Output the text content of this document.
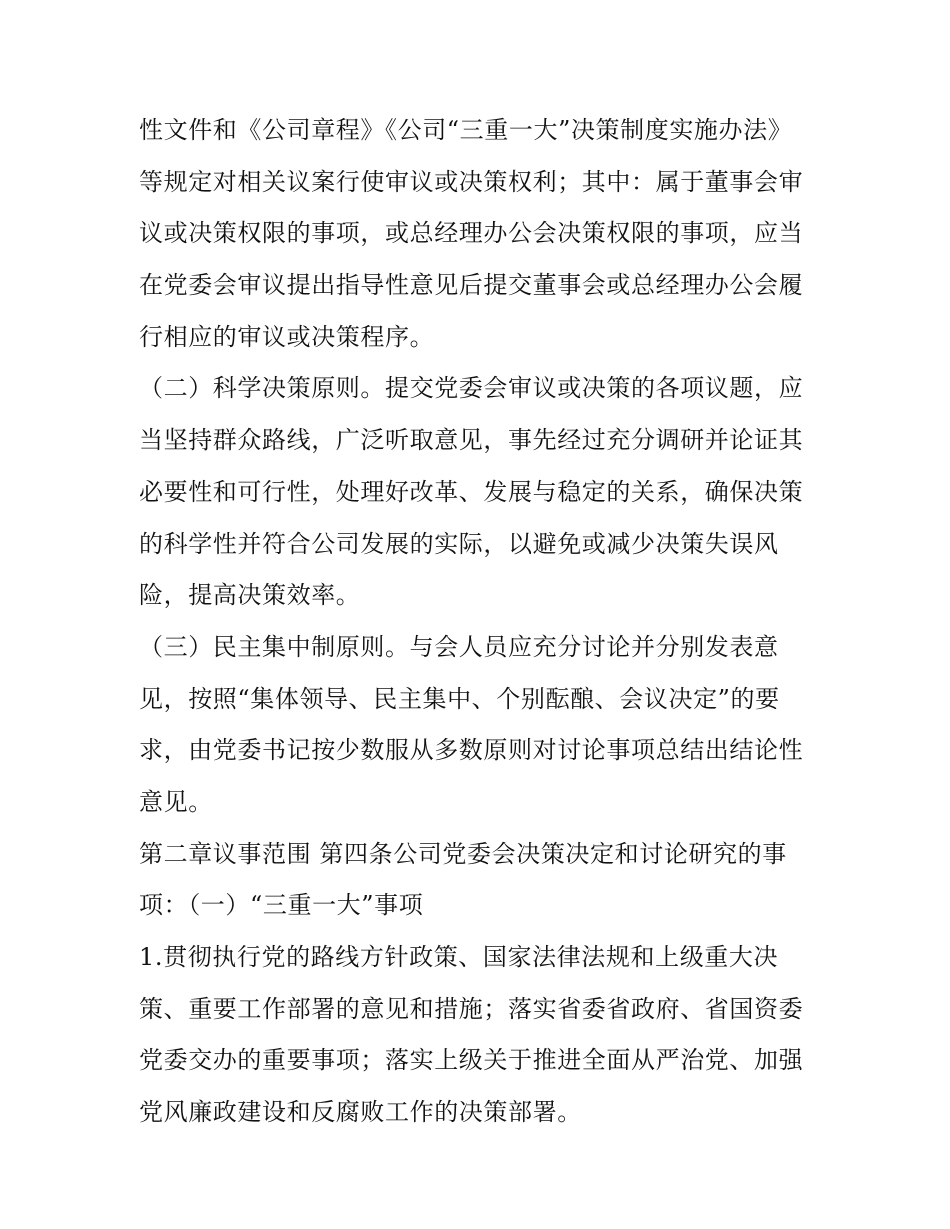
性文件和《公司章程》《公司“三重一大”决策制度实施办法》
等规定对相关议案行使审议或决策权利；其中：属于董事会审
议或决策权限的事项，或总经理办公会决策权限的事项，应当
在党委会审议提出指导性意见后提交董事会或总经理办公会履
行相应的审议或决策程序。
（二）科学决策原则。提交党委会审议或决策的各项议题，应
当坚持群众路线，广泛听取意见，事先经过充分调研并论证其
必要性和可行性，处理好改革、发展与稳定的关系，确保决策
的科学性并符合公司发展的实际，以避免或减少决策失误风
险，提高决策效率。
（三）民主集中制原则。与会人员应充分讨论并分别发表意
见，按照“集体领导、民主集中、个别酝酿、会议决定”的要
求，由党委书记按少数服从多数原则对讨论事项总结出结论性
意见。
第二章议事范围 第四条公司党委会决策决定和讨论研究的事
项：（一）“三重一大”事项
1.贯彻执行党的路线方针政策、国家法律法规和上级重大决
策、重要工作部署的意见和措施；落实省委省政府、省国资委
党委交办的重要事项；落实上级关于推进全面从严治党、加强
党风廉政建设和反腐败工作的决策部署。
